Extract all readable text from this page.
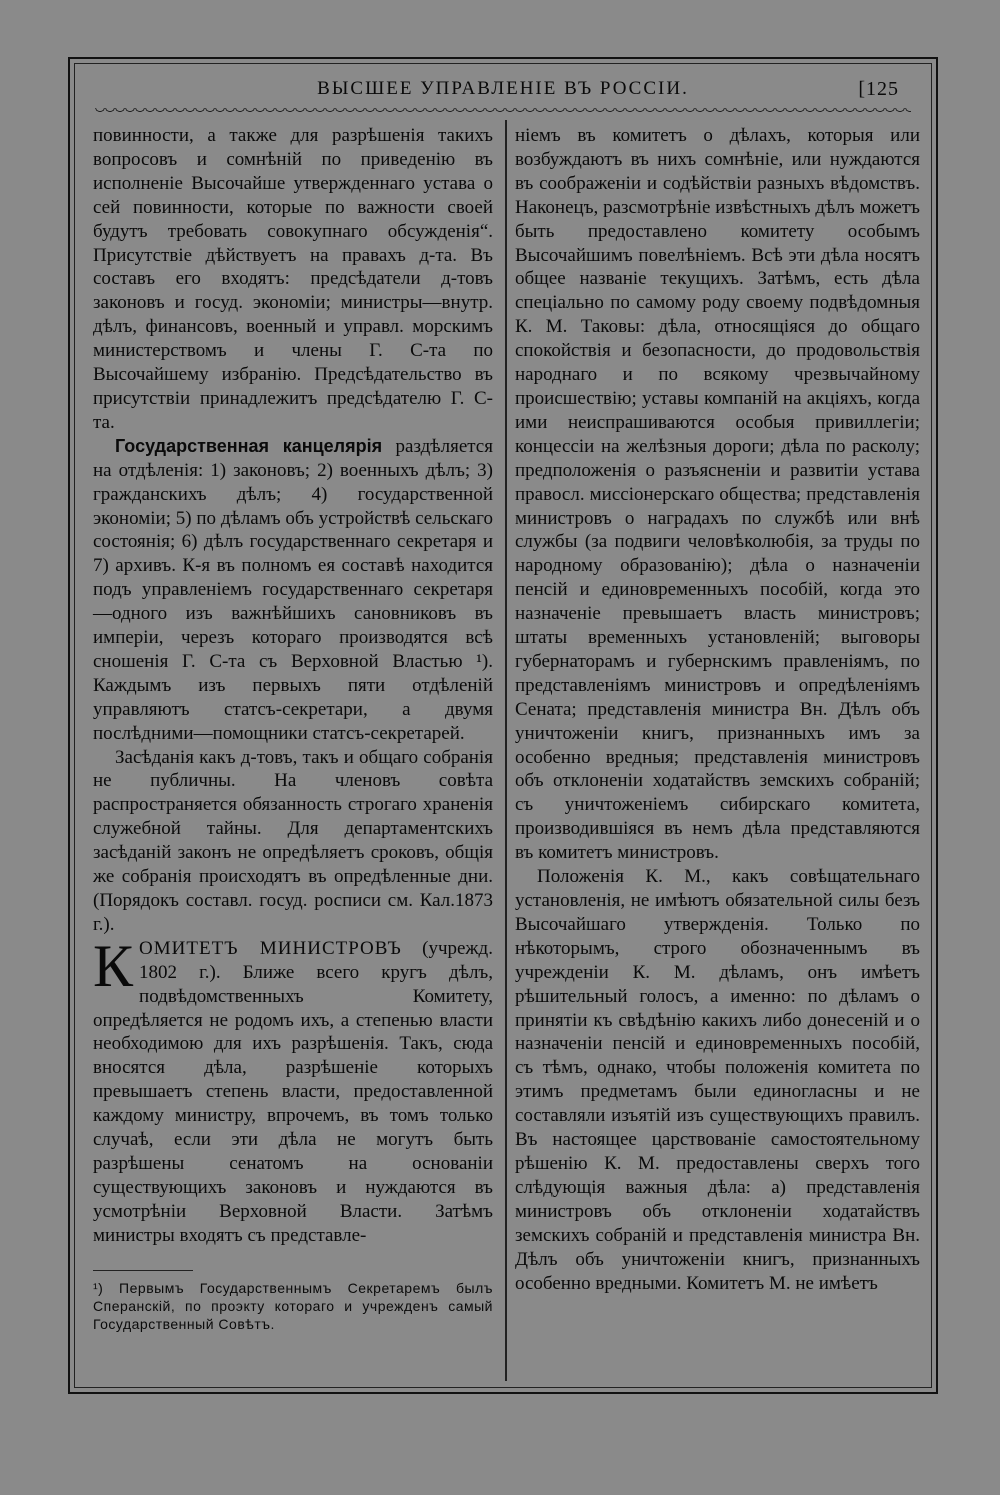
ВЫСШЕЕ УПРАВЛЕНІЕ ВЪ РОССІИ.	[125

повинности, а также для разрѣшенія такихъ вопросовъ и сомнѣній по приведенію въ исполненіе Высочайше утвержденнаго устава о сей повинности, которые по важности своей будутъ требовать совокупнаго обсужденія“. Присутствіе дѣйствуетъ на правахъ д-та. Въ составъ его входятъ: предсѣдатели д-товъ законовъ и госуд. экономіи; министры—внутр. дѣлъ, финансовъ, военный и управл. морскимъ министерствомъ и члены Г. С-та по Высочайшему избранію. Предсѣдательство въ присутствіи принадлежитъ предсѣдателю Г. С-та.

Государственная канцелярія раздѣляется на отдѣленія: 1) законовъ; 2) военныхъ дѣлъ; 3) гражданскихъ дѣлъ; 4) государственной экономіи; 5) по дѣламъ объ устройствѣ сельскаго состоянія; 6) дѣлъ государственнаго секретаря и 7) архивъ. К-я въ полномъ ея составѣ находится подъ управленіемъ государственнаго секретаря—одного изъ важнѣйшихъ сановниковъ въ имперіи, черезъ котораго производятся всѣ сношенія Г. С-та съ Верховной Властью ¹). Каждымъ изъ первыхъ пяти отдѣленій управляютъ статсъ-секретари, а двумя послѣдними—помощники статсъ-секретарей.

Засѣданія какъ д-товъ, такъ и общаго собранія не публичны. На членовъ совѣта распространяется обязанность строгаго храненія служебной тайны. Для департаментскихъ засѣданій законъ не опредѣляетъ сроковъ, общія же собранія происходятъ въ опредѣленные дни. (Порядокъ составл. госуд. росписи см. Кал.1873 г.).

КОМИТЕТЪ МИНИСТРОВЪ (учрежд. 1802 г.). Ближе всего кругъ дѣлъ, подвѣдомственныхъ Комитету, опредѣляется не родомъ ихъ, а степенью власти необходимою для ихъ разрѣшенія. Такъ, сюда вносятся дѣла, разрѣшеніе которыхъ превышаетъ степень власти, предоставленной каждому министру, впрочемъ, въ томъ только случаѣ, если эти дѣла не могутъ быть разрѣшены сенатомъ на основаніи существующихъ законовъ и нуждаются въ усмотрѣніи Верховной Власти. Затѣмъ министры входятъ съ представле-

¹) Первымъ Государственнымъ Секретаремъ былъ Сперанскій, по проэкту котораго и учрежденъ самый Государственный Совѣтъ.

ніемъ въ комитетъ о дѣлахъ, которыя или возбуждаютъ въ нихъ сомнѣніе, или нуждаются въ соображеніи и содѣйствіи разныхъ вѣдомствъ. Наконецъ, разсмотрѣніе извѣстныхъ дѣлъ можетъ быть предоставлено комитету особымъ Высочайшимъ повелѣніемъ. Всѣ эти дѣла носятъ общее названіе текущихъ. Затѣмъ, есть дѣла спеціально по самому роду своему подвѣдомныя К. М. Таковы: дѣла, относящіяся до общаго спокойствія и безопасности, до продовольствія народнаго и по всякому чрезвычайному происшествію; уставы компаній на акціяхъ, когда ими неиспрашиваются особыя привиллегіи; концессіи на желѣзныя дороги; дѣла по расколу; предположенія о разъясненіи и развитіи устава правосл. миссіонерскаго общества; представленія министровъ о наградахъ по службѣ или внѣ службы (за подвиги человѣколюбія, за труды по народному образованію); дѣла о назначеніи пенсій и единовременныхъ пособій, когда это назначеніе превышаетъ власть министровъ; штаты временныхъ установленій; выговоры губернаторамъ и губернскимъ правленіямъ, по представленіямъ министровъ и опредѣленіямъ Сената; представленія министра Вн. Дѣлъ объ уничтоженіи книгъ, признанныхъ имъ за особенно вредныя; представленія министровъ объ отклоненіи ходатайствъ земскихъ собраній; съ уничтоженіемъ сибирскаго комитета, производившіяся въ немъ дѣла представляются въ комитетъ министровъ.

Положенія К. М., какъ совѣщательнаго установленія, не имѣютъ обязательной силы безъ Высочайшаго утвержденія. Только по нѣкоторымъ, строго обозначеннымъ въ учрежденіи К. М. дѣламъ, онъ имѣетъ рѣшительный голосъ, а именно: по дѣламъ о принятіи къ свѣдѣнію какихъ либо донесеній и о назначеніи пенсій и единовременныхъ пособій, съ тѣмъ, однако, чтобы положенія комитета по этимъ предметамъ были единогласны и не составляли изъятій изъ существующихъ правилъ. Въ настоящее царствованіе самостоятельному рѣшенію К. М. предоставлены сверхъ того слѣдующія важныя дѣла: а) представленія министровъ объ отклоненіи ходатайствъ земскихъ собраній и представленія министра Вн. Дѣлъ объ уничтоженіи книгъ, признанныхъ особенно вредными. Комитетъ М. не имѣетъ
